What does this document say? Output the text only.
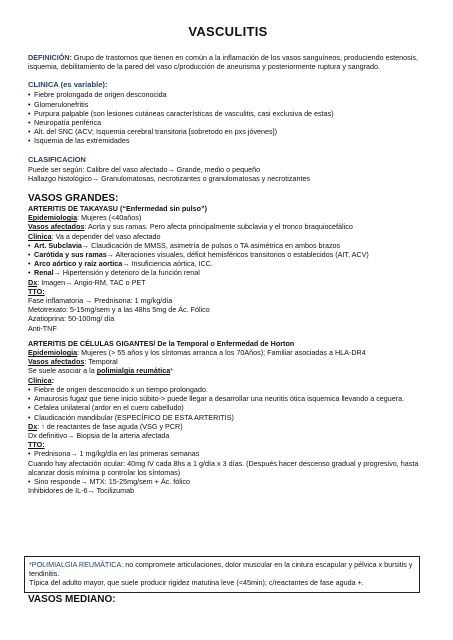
VASCULITIS

DEFINICIÓN: Grupo de trastornos que tienen en común a la inflamación de los vasos sanguíneos, produciendo estenosis, isquemia, debilitamiento de la pared del vaso c/producción de aneurisma y posteriormente ruptura y sangrado.

CLINICA (es variable):
• Fiebre prolongada de origen desconocida
• Glomerulonefritis
• Purpura palpable (son lesiones cutáneas características de vasculitis, casi exclusiva de estas)
• Neuropatía periférica
• Alt. del SNC (ACV; Isquemia cerebral transitoria [sobretodo en pxs jóvenes])
• Isquemia de las extremidades
CLASIFICACION

Puede ser según: Calibre del vaso afectado→ Grande, medio o pequeño

Hallazgo histológico→ Granulomatosas, necrotizantes o granulomatosas y necrotizantes

VASOS GRANDES:
ARTERITIS DE TAKAYASU (“Enfermedad sin pulso”)

Epidemiologia: Mujeres (<40años)

Vasos afectados: Aorta y sus ramas. Pero afecta principalmente subclavia y el tronco braquiocefálico

Clínica: Va a depender del vaso afectado

• Art. Subclavia→ Claudicación de MMSS, asimetría de pulsos o TA asimétrica en ambos brazos
• Carótida y sus ramas→ Alteraciones visuales, déficit hemisféricos transitorios o establecidos (AIT, ACV)
• Arco aórtico y raíz aortica→ Insuficiencia aórtica, ICC.
• Renal→ Hipertensión y deterioro de la función renal

Dx: Imagen→ Angio-RM, TAC o PET

TTO:

Fase inflamatoria → Prednisona: 1 mg/kg/día

Metotrexato: 5-15mg/sem y a las 48hs 5mg de Ác. Fólico

Azatioprina: 50-100mg/ día

Anti-TNF

ARTERITIS DE CÉLULAS GIGANTES/ De la Temporal o Enfermedad de Horton

Epidemiologia: Mujeres (> 55 años y los síntomas arranca a los 70Años); Familiar asociadas a HLA-DR4

Vasos afectados: Temporal

Se suele asociar a la polimialgia reumática*

Clínica:

• Fiebre de origen desconocido x un tiempo prolongado.
• Amaurosis fugaz que tiene inicio súbito-> puede llegar a desarrollar una neuritis ótica isquemica llevando a ceguera.
• Cefalea unilateral (ardor en el cuero cabelludo)
• Claudicación mandibular (ESPECÍFICO DE ESTA ARTERITIS)

Dx: ↑ de reactantes de fase aguda (VSG y PCR)

Dx definitivo→ Biopsia de la arteria afectada

TTO:

• Prednisona→ 1 mg/kg/día en las primeras semanas

Cuando hay afectación ocular: 40mg IV cada 8hs a 1 g/día x 3 días. (Después hacer descenso gradual y progresivo, hasta alcanzar dosis mínima p controlar los síntomas)

• Sino responde→ MTX: 15-25mg/sem + Ác. fólico

Inhibidores de IL-6→ Tocilizumab

*POLIMIALGIA REUMÁTICA: no compromete articulaciones, dolor muscular en la cintura escapular y pélvica x bursitis y tendinitis.
Típica del adulto mayor, que suele producir rigidez matutina leve (<45min); c/reactantes de fase aguda +.
VASOS MEDIANO:
